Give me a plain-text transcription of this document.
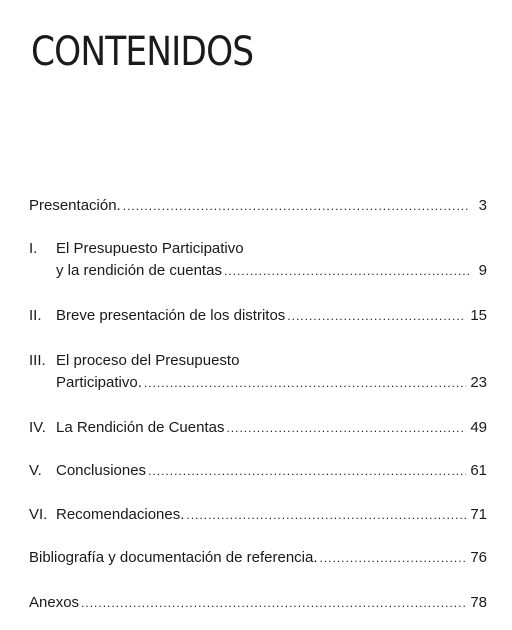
CONTENIDOS
Presentación. .....	3
I. El Presupuesto Participativo
y la rendición de cuentas .....	9
II. Breve presentación de los distritos .....	15
III. El proceso del Presupuesto
Participativo. .....	23
IV. La Rendición de Cuentas .....	49
V. Conclusiones .....	61
VI. Recomendaciones. .....	71
Bibliografía y documentación de referencia. .....	76
Anexos .....	78
